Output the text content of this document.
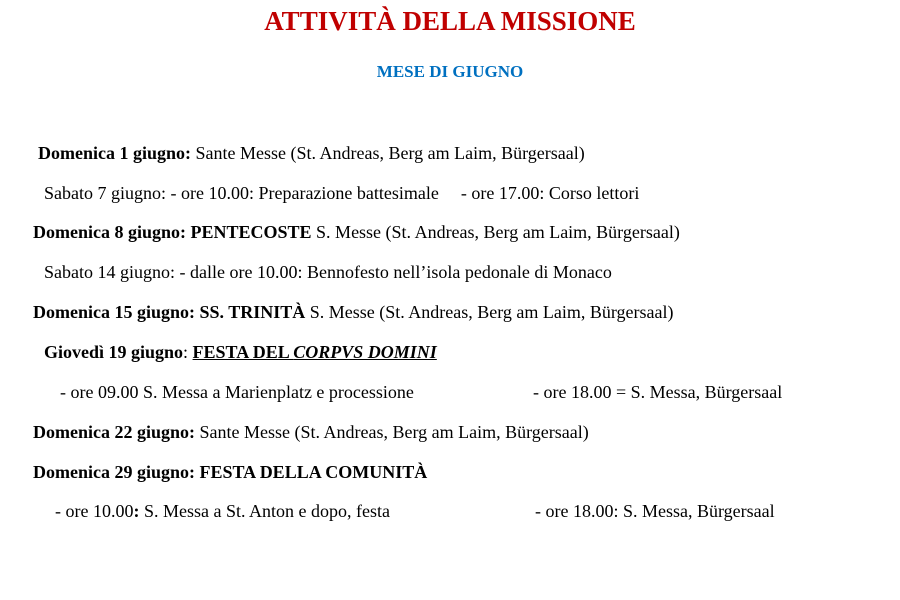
ATTIVITÀ DELLA MISSIONE
MESE DI GIUGNO
Domenica 1 giugno: Sante Messe (St. Andreas, Berg am Laim, Bürgersaal)
Sabato 7 giugno: - ore 10.00: Preparazione battesimale - ore 17.00: Corso lettori
Domenica 8 giugno: PENTECOSTE S. Messe (St. Andreas, Berg am Laim, Bürgersaal)
Sabato 14 giugno: - dalle ore 10.00: Bennofesto nell’isola pedonale di Monaco
Domenica 15 giugno: SS. TRINITÀ S. Messe (St. Andreas, Berg am Laim, Bürgersaal)
Giovedì 19 giugno: FESTA DEL CORPVS DOMINI
- ore 09.00 S. Messa a Marienplatz e processione	- ore 18.00 = S. Messa, Bürgersaal
Domenica 22 giugno: Sante Messe (St. Andreas, Berg am Laim, Bürgersaal)
Domenica 29 giugno: FESTA DELLA COMUNITÀ
- ore 10.00: S. Messa a St. Anton e dopo, festa	- ore 18.00: S. Messa, Bürgersaal
